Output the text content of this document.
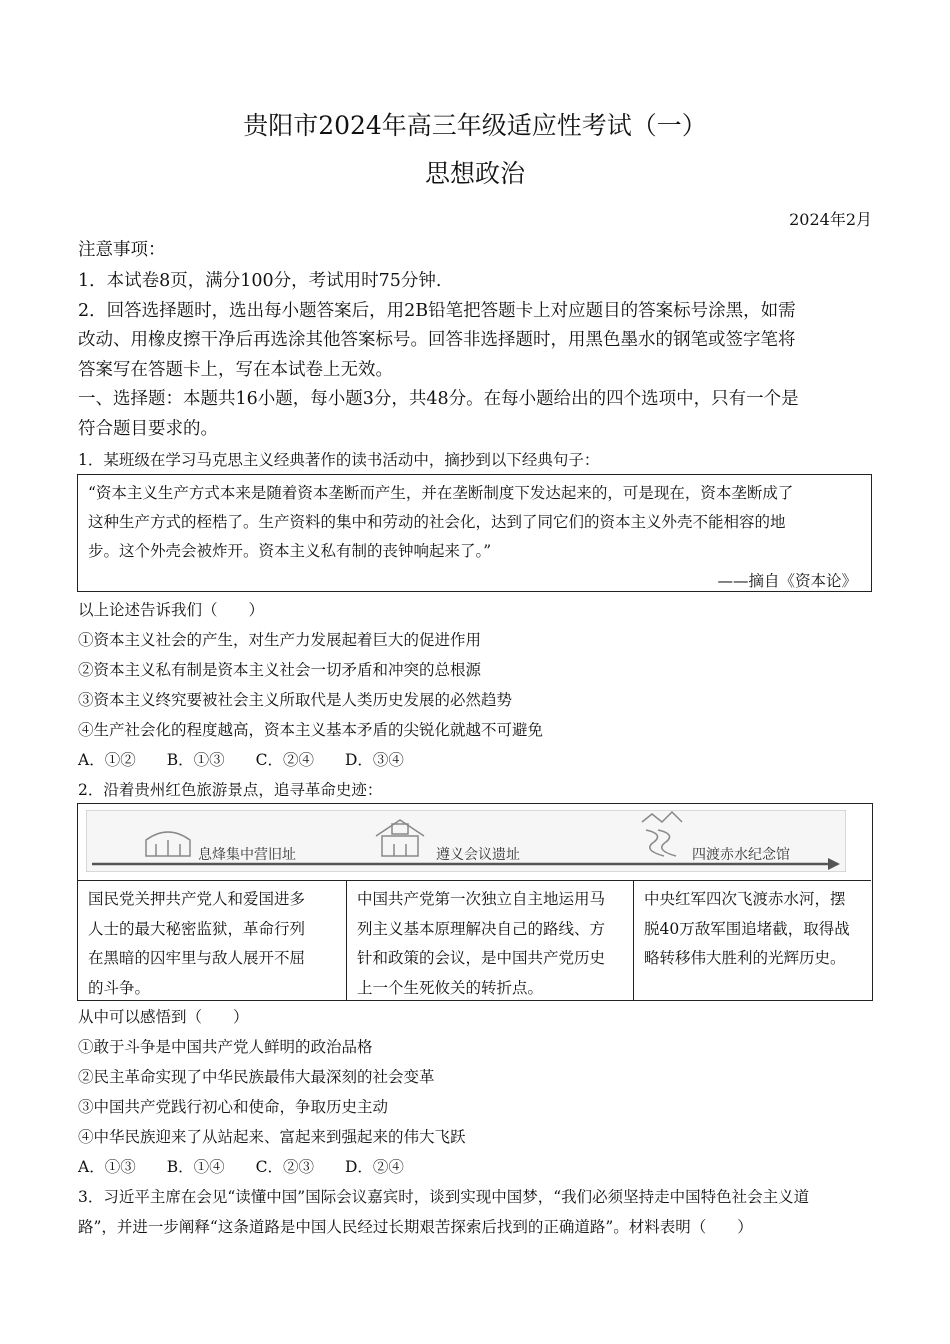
贵阳市2024年高三年级适应性考试（一）
思想政治
2024年2月
注意事项：
1．本试卷8页，满分100分，考试用时75分钟.
2．回答选择题时，选出每小题答案后，用2B铅笔把答题卡上对应题目的答案标号涂黑，如需
改动、用橡皮擦干净后再选涂其他答案标号。回答非选择题时，用黑色墨水的钢笔或签字笔将
答案写在答题卡上，写在本试卷上无效。
一、选择题：本题共16小题，每小题3分，共48分。在每小题给出的四个选项中，只有一个是
符合题目要求的。
1．某班级在学习马克思主义经典著作的读书活动中，摘抄到以下经典句子：
“资本主义生产方式本来是随着资本垄断而产生，并在垄断制度下发达起来的，可是现在，资本垄断成了
这种生产方式的桎梏了。生产资料的集中和劳动的社会化，达到了同它们的资本主义外壳不能相容的地
步。这个外壳会被炸开。资本主义私有制的丧钟响起来了。”
——摘自《资本论》
以上论述告诉我们（　　）
①资本主义社会的产生，对生产力发展起着巨大的促进作用
②资本主义私有制是资本主义社会一切矛盾和冲突的总根源
③资本主义终究要被社会主义所取代是人类历史发展的必然趋势
④生产社会化的程度越高，资本主义基本矛盾的尖锐化就越不可避免
A．①②　　B．①③　　C．②④　　D．③④
2．沿着贵州红色旅游景点，追寻革命史迹：
息烽集中营旧址	遵义会议遗址	四渡赤水纪念馆
国民党关押共产党人和爱国进多
人士的最大秘密监狱，革命行列
在黑暗的囚牢里与敌人展开不屈
的斗争。
中国共产党第一次独立自主地运用马
列主义基本原理解决自己的路线、方
针和政策的会议，是中国共产党历史
上一个生死攸关的转折点。
中央红军四次飞渡赤水河，摆
脱40万敌军围追堵截，取得战
略转移伟大胜利的光辉历史。
从中可以感悟到（　　）
①敢于斗争是中国共产党人鲜明的政治品格
②民主革命实现了中华民族最伟大最深刻的社会变革
③中国共产党践行初心和使命，争取历史主动
④中华民族迎来了从站起来、富起来到强起来的伟大飞跃
A．①③　　B．①④　　C．②③　　D．②④
3．习近平主席在会见“读懂中国”国际会议嘉宾时，谈到实现中国梦，“我们必须坚持走中国特色社会主义道
路”，并进一步阐释“这条道路是中国人民经过长期艰苦探索后找到的正确道路”。材料表明（　　）
